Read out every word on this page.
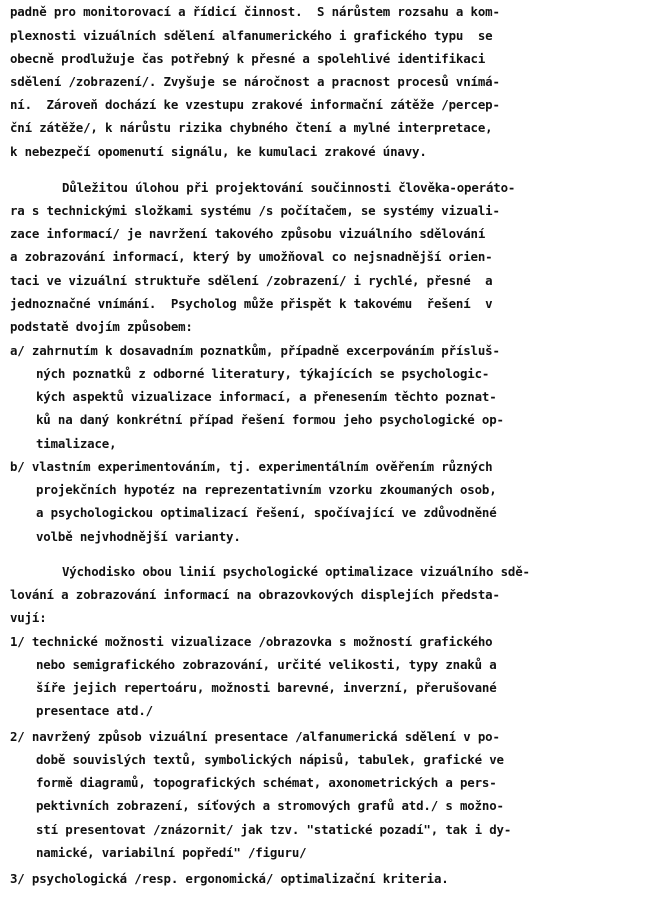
padně pro monitorovací a řídicí činnost.  S nárůstem rozsahu a kom-
plexnosti vizuálních sdělení alfanumerického i grafického typu  se
obecně prodlužuje čas potřebný k přesné a spolehlivé identifikaci
sdělení /zobrazení/. Zvyšuje se náročnost a pracnost procesů vnímá-
ní.  Zároveň dochází ke vzestupu zrakové informační zátěže /percep-
ční zátěže/, k nárůstu rizika chybného čtení a mylné interpretace,
k nebezpečí opomenutí signálu, ke kumulaci zrakové únavy.
Důležitou úlohou při projektování součinnosti člověka-operáto-
ra s technickými složkami systému /s počítačem, se systémy vizuali-
zace informací/ je navržení takového způsobu vizuálního sdělování
a zobrazování informací, který by umožňoval co nejsnadnější orien-
taci ve vizuální struktuře sdělení /zobrazení/ i rychlé, přesné  a
jednoznačné vnímání.  Psycholog může přispět k takovému  řešení  v
podstatě dvojím způsobem:
a/ zahrnutím k dosavadním poznatkům, případně excerpováním přísluš-
ných poznatků z odborné literatury, týkajících se psychologic-
kých aspektů vizualizace informací, a přenesením těchto poznat-
ků na daný konkrétní případ řešení formou jeho psychologické op-
timalizace,
b/ vlastním experimentováním, tj. experimentálním ověřením různých
projekčních hypotéz na reprezentativním vzorku zkoumaných osob,
a psychologickou optimalizací řešení, spočívající ve zdůvodněné
volbě nejvhodnější varianty.
Východisko obou linií psychologické optimalizace vizuálního sdě-
lování a zobrazování informací na obrazovkových displejích předsta-
vují:
1/ technické možnosti vizualizace /obrazovka s možností grafického
nebo semigrafického zobrazování, určité velikosti, typy znaků a
šíře jejich repertoáru, možnosti barevné, inverzní, přerušované
presentace atd./
2/ navržený způsob vizuální presentace /alfanumerická sdělení v po-
době souvislých textů, symbolických nápisů, tabulek, grafické ve
formě diagramů, topografických schémat, axonometrických a pers-
pektivních zobrazení, síťových a stromových grafů atd./ s možno-
stí presentovat /znázornit/ jak tzv. "statické pozadí", tak i dy-
namické, variabilní popředí" /figuru/
3/ psychologická /resp. ergonomická/ optimalizační kriteria.
